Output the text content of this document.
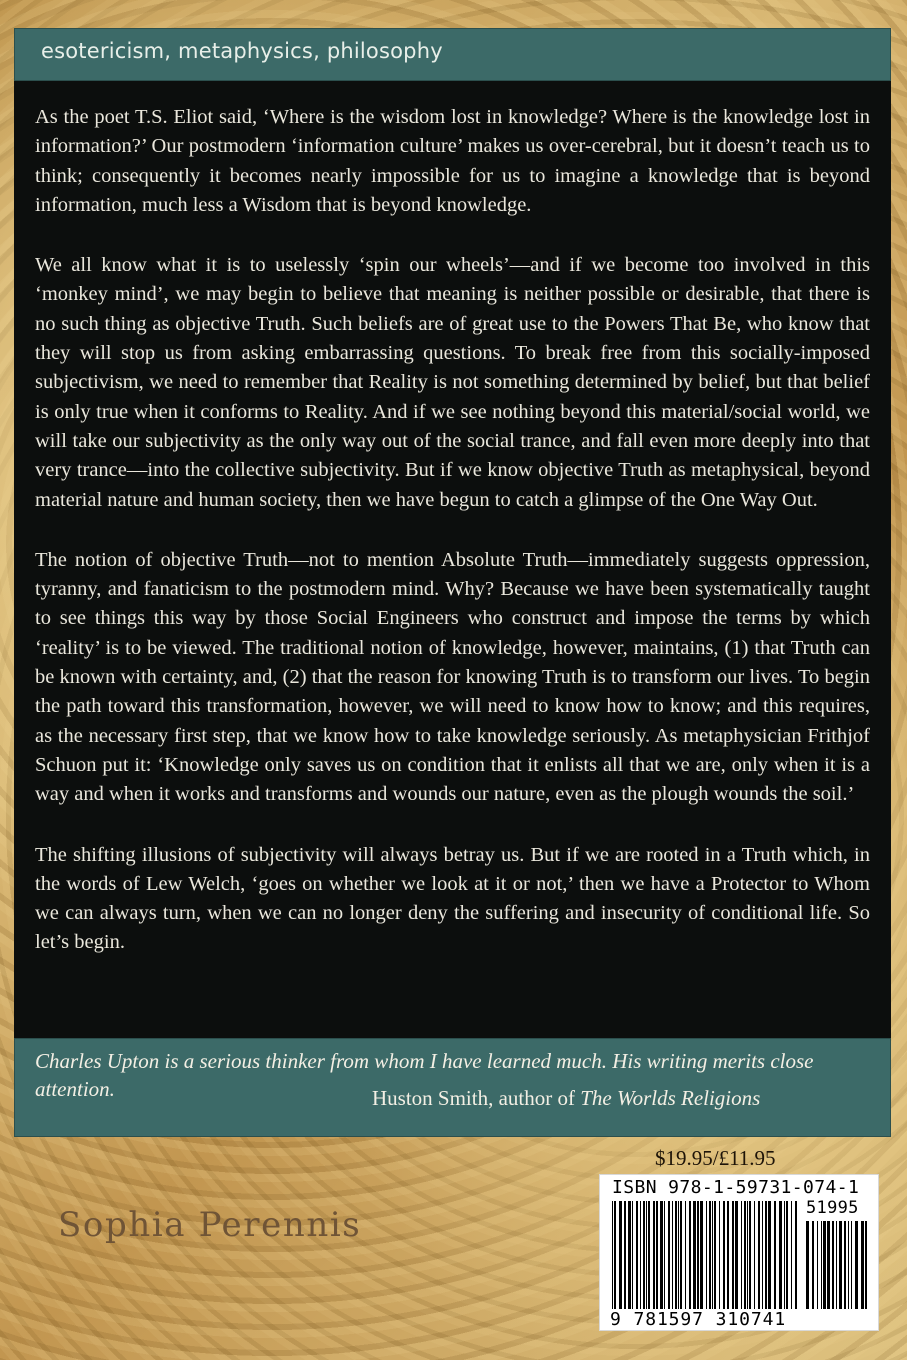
esotericism, metaphysics, philosophy

As the poet T.S. Eliot said, ‘Where is the wisdom lost in knowledge? Where is the knowledge lost in information?’ Our postmodern ‘information culture’ makes us over-cerebral, but it doesn’t teach us to think; consequently it becomes nearly impossible for us to imagine a knowledge that is beyond information, much less a Wisdom that is beyond knowledge.

We all know what it is to uselessly ‘spin our wheels’—and if we become too involved in this ‘monkey mind’, we may begin to believe that meaning is neither possible or desirable, that there is no such thing as objective Truth. Such beliefs are of great use to the Powers That Be, who know that they will stop us from asking embarrassing questions. To break free from this socially-imposed subjectivism, we need to remember that Reality is not something determined by belief, but that belief is only true when it conforms to Reality. And if we see nothing beyond this material/social world, we will take our subjectivity as the only way out of the social trance, and fall even more deeply into that very trance—into the collective subjectivity. But if we know objective Truth as metaphysical, beyond material nature and human society, then we have begun to catch a glimpse of the One Way Out.

The notion of objective Truth—not to mention Absolute Truth—immediately suggests oppression, tyranny, and fanaticism to the postmodern mind. Why? Because we have been systematically taught to see things this way by those Social Engineers who construct and impose the terms by which ‘reality’ is to be viewed. The traditional notion of knowledge, however, maintains, (1) that Truth can be known with certainty, and, (2) that the reason for knowing Truth is to transform our lives. To begin the path toward this transformation, however, we will need to know how to know; and this requires, as the necessary first step, that we know how to take knowledge seriously. As metaphysician Frithjof Schuon put it: ‘Knowledge only saves us on condition that it enlists all that we are, only when it is a way and when it works and transforms and wounds our nature, even as the plough wounds the soil.’

The shifting illusions of subjectivity will always betray us. But if we are rooted in a Truth which, in the words of Lew Welch, ‘goes on whether we look at it or not,’ then we have a Protector to Whom we can always turn, when we can no longer deny the suffering and insecurity of conditional life. So let’s begin.

Charles Upton is a serious thinker from whom I have learned much. His writing merits close attention.	Huston Smith, author of The Worlds Religions
$19.95/£11.95
Sophia Perennis
ISBN 978-1-59731-074-1
51995
9 781597 310741
